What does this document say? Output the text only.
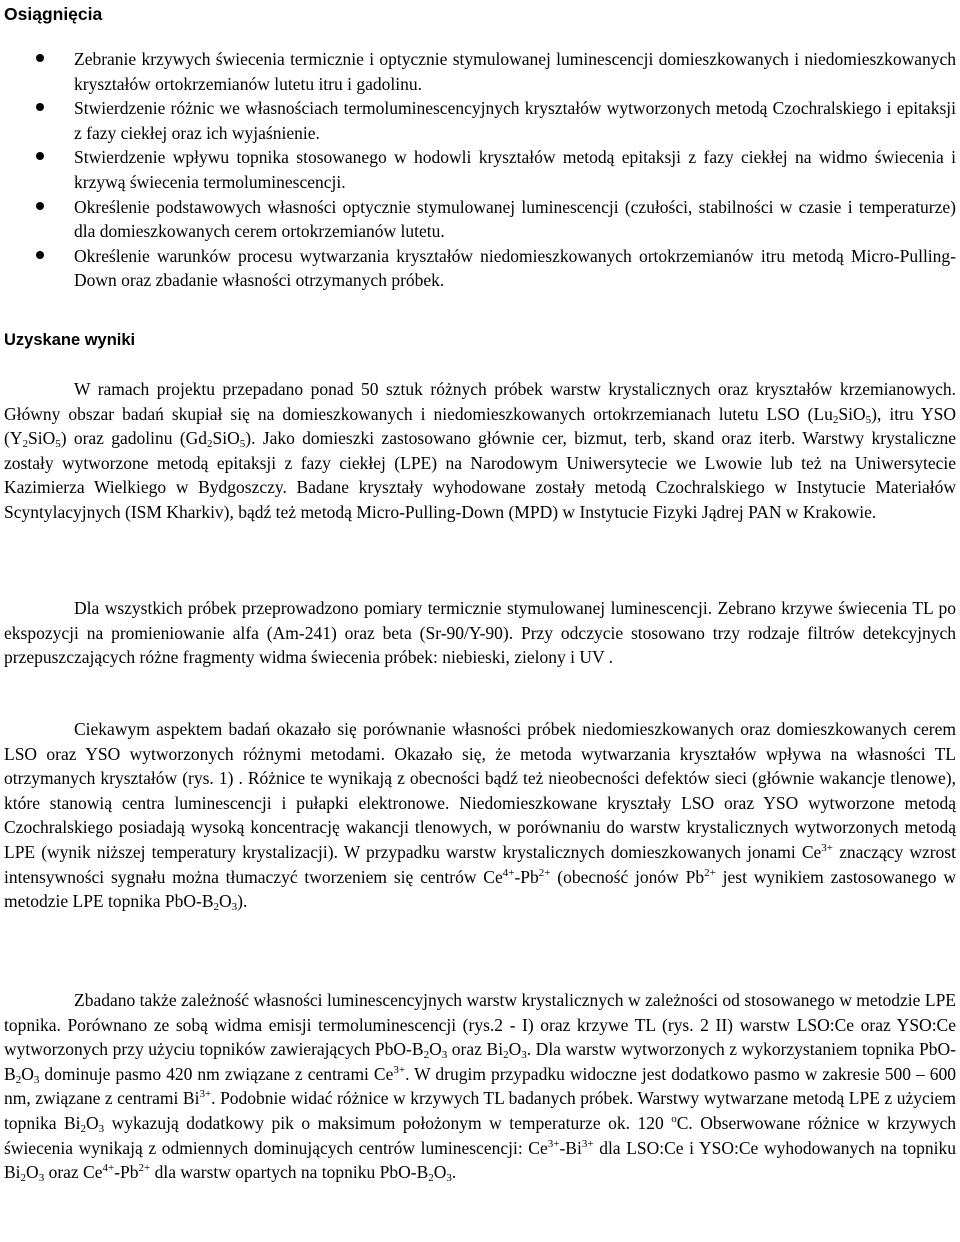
Osiągnięcia
Zebranie krzywych świecenia termicznie i optycznie stymulowanej luminescencji domieszkowanych i niedomieszkowanych kryształów ortokrzemianów lutetu itru i gadolinu.
Stwierdzenie różnic we własnościach termoluminescencyjnych kryształów wytworzonych metodą Czochralskiego i epitaksji z fazy ciekłej oraz ich wyjaśnienie.
Stwierdzenie wpływu topnika stosowanego w hodowli kryształów metodą epitaksji z fazy ciekłej na widmo świecenia i krzywą świecenia termoluminescencji.
Określenie podstawowych własności optycznie stymulowanej luminescencji (czułości, stabilności w czasie i temperaturze) dla domieszkowanych cerem ortokrzemianów lutetu.
Określenie warunków procesu wytwarzania kryształów niedomieszkowanych ortokrzemianów itru metodą Micro-Pulling-Down oraz zbadanie własności otrzymanych próbek.
Uzyskane wyniki

W ramach projektu przepadano ponad 50 sztuk różnych próbek warstw krystalicznych oraz kryształów krzemianowych. Główny obszar badań skupiał się na domieszkowanych i niedomieszkowanych ortokrzemianach lutetu LSO $(Lu_2SiO_5)$, itru YSO $(Y_2SiO_5)$ oraz gadolinu $(Gd_2SiO_5)$. Jako domieszki zastosowano głównie cer, bizmut, terb, skand oraz iterb. Warstwy krystaliczne zostały wytworzone metodą epitaksji z fazy ciekłej (LPE) na Narodowym Uniwersytecie we Lwowie lub też na Uniwersytecie Kazimierza Wielkiego w Bydgoszczy. Badane kryształy wyhodowane zostały metodą Czochralskiego w Instytucie Materiałów Scyntylacyjnych (ISM Kharkiv), bądź też metodą Micro-Pulling-Down (MPD) w Instytucie Fizyki Jądrej PAN w Krakowie.

Dla wszystkich próbek przeprowadzono pomiary termicznie stymulowanej luminescencji. Zebrano krzywe świecenia TL po ekspozycji na promieniowanie alfa (Am-241) oraz beta (Sr-90/Y-90). Przy odczycie stosowano trzy rodzaje filtrów detekcyjnych przepuszczających różne fragmenty widma świecenia próbek: niebieski, zielony i UV .

Ciekawym aspektem badań okazało się porównanie własności próbek niedomieszkowanych oraz domieszkowanych cerem LSO oraz YSO wytworzonych różnymi metodami. Okazało się, że metoda wytwarzania kryształów wpływa na własności TL otrzymanych kryształów (rys. 1) . Różnice te wynikają z obecności bądź też nieobecności defektów sieci (głównie wakancje tlenowe), które stanowią centra luminescencji i pułapki elektronowe. Niedomieszkowane kryształy LSO oraz YSO wytworzone metodą Czochralskiego posiadają wysoką koncentrację wakancji tlenowych, w porównaniu do warstw krystalicznych wytworzonych metodą LPE (wynik niższej temperatury krystalizacji). W przypadku warstw krystalicznych domieszkowanych jonami $Ce^{3+}$ znaczący wzrost intensywności sygnału można tłumaczyć tworzeniem się centrów $Ce^{4+}-Pb^{2+}$ (obecność jonów $Pb^{2+}$ jest wynikiem zastosowanego w metodzie LPE topnika PbO-$B_2O_3$).

Zbadano także zależność własności luminescencyjnych warstw krystalicznych w zależności od stosowanego w metodzie LPE topnika. Porównano ze sobą widma emisji termoluminescencji (rys.2 - I) oraz krzywe TL (rys. 2 II) warstw LSO:Ce oraz YSO:Ce wytworzonych przy użyciu topników zawierających PbO-$B_2O_3$ oraz $Bi_2O_3$. Dla warstw wytworzonych z wykorzystaniem topnika PbO-$B_2O_3$ dominuje pasmo 420 nm związane z centrami $Ce^{3+}$. W drugim przypadku widoczne jest dodatkowo pasmo w zakresie 500 – 600 nm, związane z centrami $Bi^{3+}$. Podobnie widać różnice w krzywych TL badanych próbek. Warstwy wytwarzane metodą LPE z użyciem topnika $Bi_2O_3$ wykazują dodatkowy pik o maksimum położonym w temperaturze ok. 120 $^o$C. Obserwowane różnice w krzywych świecenia wynikają z odmiennych dominujących centrów luminescencji: $Ce^{3+}-Bi^{3+}$ dla LSO:Ce i YSO:Ce wyhodowanych na topniku $Bi_2O_3$ oraz $Ce^{4+}-Pb^{2+}$ dla warstw opartych na topniku PbO-$B_2O_3$.
